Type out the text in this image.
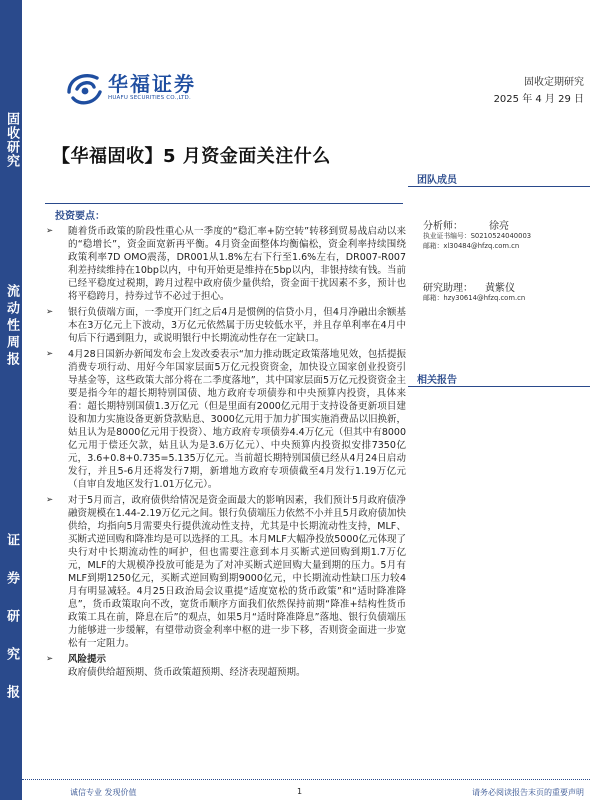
固收研究
流动性周报
证券研究报
华福证券
HUAFU SECURITIES CO.,LTD.
固收定期研究
2025 年 4 月 29 日
【华福固收】5 月资金面关注什么
团队成员
投资要点：
➢	随着货币政策的阶段性重心从一季度的“稳汇率+防空转”转移到贸易战启动以来的“稳增长”，资金面宽新再平衡。4月资金面整体均衡偏松，资金利率持续围绕政策利率7D OMO震荡，DR001从1.8%左右下行至1.6%左右，DR007-R007利差持续维持在10bp以内，中旬开始更是维持在5bp以内，非银持续有钱。当前已经平稳度过税期，跨月过程中政府债少量供给，资金面干扰因素不多，预计也将平稳跨月，持券过节不必过于担心。
➢	银行负债端方面，一季度开门红之后4月是惯例的信贷小月，但4月净融出余额基本在3万亿元上下波动，3万亿元依然属于历史较低水平，并且存单利率在4月中旬后下行遇到阻力，或说明银行中长期流动性存在一定缺口。
➢	4月28日国新办新闻发布会上发改委表示“加力推动既定政策落地见效，包括提振消费专项行动、用好今年国家层面5万亿元投资资金，加快设立国家创业投资引导基金等，这些政策大部分将在二季度落地”，其中国家层面5万亿元投资资金主要是指今年的超长期特别国债、地方政府专项债券和中央预算内投资，具体来看：超长期特别国债1.3万亿元（但是里面有2000亿元用于支持设备更新项目建设和加力实施设备更新贷款贴息、3000亿元用于加力扩围实施消费品以旧换新，姑且认为是8000亿元用于投资）、地方政府专项债券4.4万亿元（但其中有8000亿元用于偿还欠款，姑且认为是3.6万亿元）、中央预算内投资拟安排7350亿元，3.6+0.8+0.735=5.135万亿元。当前超长期特别国债已经从4月24日启动发行，并且5-6月还将发行7期，新增地方政府专项债截至4月发行1.19万亿元（自审自发地区发行1.01万亿元）。
➢	对于5月而言，政府债供给情况是资金面最大的影响因素，我们预计5月政府债净融资规模在1.44-2.19万亿元之间。银行负债端压力依然不小并且5月政府债加快供给，均指向5月需要央行提供流动性支持，尤其是中长期流动性支持，MLF、买断式逆回购和降准均是可以选择的工具。本月MLF大幅净投放5000亿元体现了央行对中长期流动性的呵护，但也需要注意到本月买断式逆回购到期1.7万亿元，MLF的大规模净投放可能是为了对冲买断式逆回购大量到期的压力。5月有MLF到期1250亿元，买断式逆回购到期9000亿元，中长期流动性缺口压力较4月有明显减轻。4月25日政治局会议重提“适度宽松的货币政策”和“适时降准降息”，货币政策取向不改，宽货币顺序方面我们依然保持前期“降准+结构性货币政策工具在前，降息在后”的观点，如果5月“适时降准降息”落地、银行负债端压力能够进一步缓解，有望带动资金利率中枢的进一步下移，否则资金面进一步宽松有一定阻力。
➢	风险提示
政府债供给超预期、货币政策超预期、经济表现超预期。
分析师：	徐亮
执业证书编号：S0210524040003
邮箱：xl30484@hfzq.com.cn
研究助理： 黄紫仪
邮箱：hzy30614@hfzq.com.cn
相关报告
诚信专业 发现价值	1	请务必阅读报告末页的重要声明
